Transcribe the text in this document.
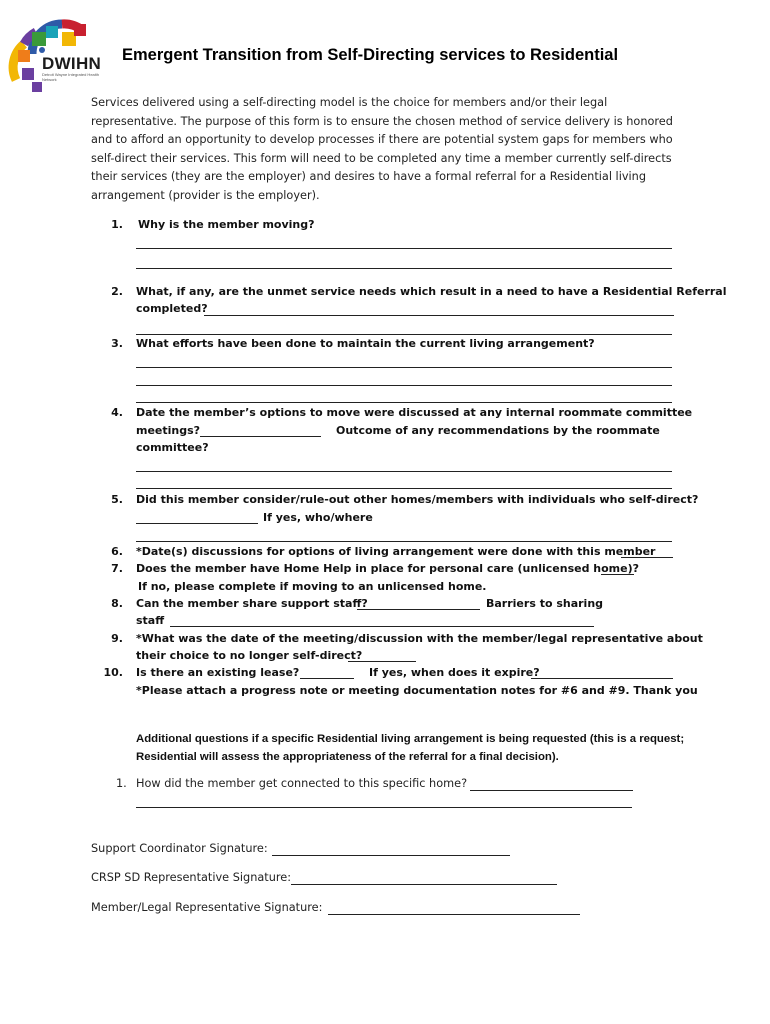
DWIHN
Detroit Wayne Integrated Health Network
Emergent Transition from Self-Directing services to Residential
Services delivered using a self-directing model is the choice for members and/or their legal representative. The purpose of this form is to ensure the chosen method of service delivery is honored and to afford an opportunity to develop processes if there are potential system gaps for members who self-direct their services. This form will need to be completed any time a member currently self-directs their services (they are the employer) and desires to have a formal referral for a Residential living arrangement (provider is the employer).
1. Why is the member moving?
2. What, if any, are the unmet service needs which result in a need to have a Residential Referral
completed?
3. What efforts have been done to maintain the current living arrangement?
4. Date the member’s options to move were discussed at any internal roommate committee
meetings?	Outcome of any recommendations by the roommate
committee?
5. Did this member consider/rule-out other homes/members with individuals who self-direct?
If yes, who/where
6. *Date(s) discussions for options of living arrangement were done with this member
7. Does the member have Home Help in place for personal care (unlicensed home)?
If no, please complete if moving to an unlicensed home.
8. Can the member share support staff?	Barriers to sharing
staff
9. *What was the date of the meeting/discussion with the member/legal representative about
their choice to no longer self-direct?
10. Is there an existing lease?	If yes, when does it expire?
*Please attach a progress note or meeting documentation notes for #6 and #9. Thank you
Additional questions if a specific Residential living arrangement is being requested (this is a request; Residential will assess the appropriateness of the referral for a final decision).
1. How did the member get connected to this specific home?
Support Coordinator Signature:
CRSP SD Representative Signature:
Member/Legal Representative Signature:
